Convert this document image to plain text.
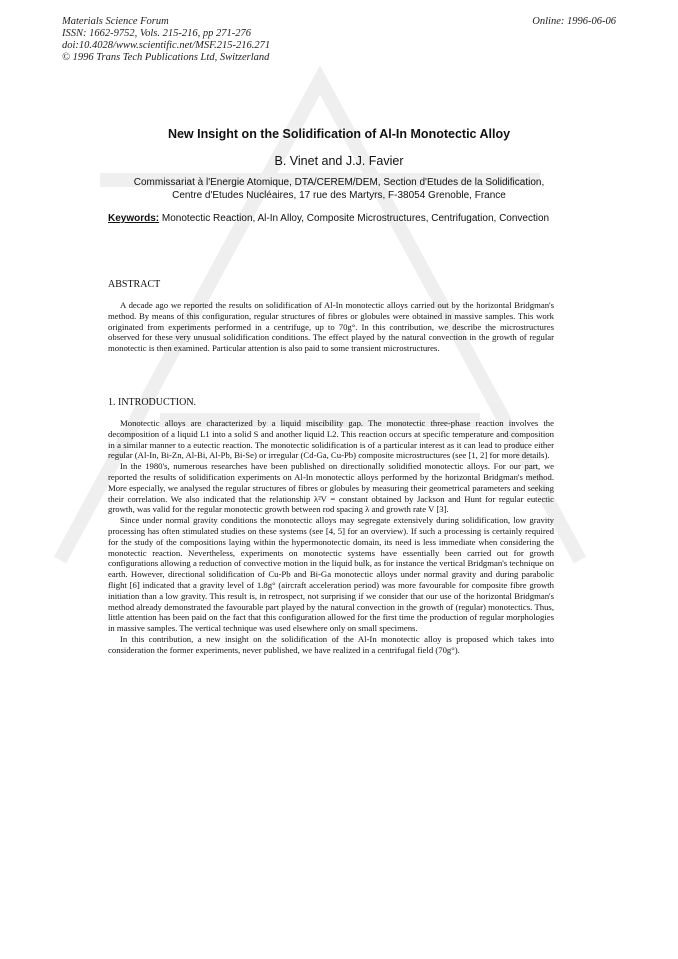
Materials Science Forum
ISSN: 1662-9752, Vols. 215-216, pp 271-276
doi:10.4028/www.scientific.net/MSF.215-216.271
© 1996 Trans Tech Publications Ltd, Switzerland
Online: 1996-06-06
New Insight on the Solidification of Al-In Monotectic Alloy
B. Vinet and J.J. Favier
Commissariat à l'Energie Atomique, DTA/CEREM/DEM, Section d'Etudes de la Solidification,
Centre d'Etudes Nucléaires, 17 rue des Martyrs, F-38054 Grenoble, France
Keywords: Monotectic Reaction, Al-In Alloy, Composite Microstructures, Centrifugation, Convection
ABSTRACT

A decade ago we reported the results on solidification of Al-In monotectic alloys carried out by the horizontal Bridgman's method. By means of this configuration, regular structures of fibres or globules were obtained in massive samples. This work originated from experiments performed in a centrifuge, up to 70g°. In this contribution, we describe the microstructures observed for these very unusual solidification conditions. The effect played by the natural convection in the growth of regular monotectic is then examined. Particular attention is also paid to some transient microstructures.

1. INTRODUCTION.

Monotectic alloys are characterized by a liquid miscibility gap. The monotectic three-phase reaction involves the decomposition of a liquid L1 into a solid S and another liquid L2. This reaction occurs at specific temperature and composition in a similar manner to a eutectic reaction. The monotectic solidification is of a particular interest as it can lead to produce either regular (Al-In, Bi-Zn, Al-Bi, Al-Pb, Bi-Se) or irregular (Cd-Ga, Cu-Pb) composite microstructures (see [1, 2] for more details).

In the 1980's, numerous researches have been published on directionally solidified monotectic alloys. For our part, we reported the results of solidification experiments on Al-In monotectic alloys performed by the horizontal Bridgman's method. More especially, we analysed the regular structures of fibres or globules by measuring their geometrical parameters and seeking their correlation. We also indicated that the relationship λ²V = constant obtained by Jackson and Hunt for regular eutectic growth, was valid for the regular monotectic growth between rod spacing λ and growth rate V [3].

Since under normal gravity conditions the monotectic alloys may segregate extensively during solidification, low gravity processing has often stimulated studies on these systems (see [4, 5] for an overview). If such a processing is certainly required for the study of the compositions laying within the hypermonotectic domain, its need is less immediate when considering the monotectic reaction. Nevertheless, experiments on monotectic systems have essentially been carried out for growth configurations allowing a reduction of convective motion in the liquid bulk, as for instance the vertical Bridgman's technique on earth. However, directional solidification of Cu-Pb and Bi-Ga monotectic alloys under normal gravity and during parabolic flight [6] indicated that a gravity level of 1.8g° (aircraft acceleration period) was more favourable for composite fibre growth initiation than a low gravity. This result is, in retrospect, not surprising if we consider that our use of the horizontal Bridgman's method already demonstrated the favourable part played by the natural convection in the growth of (regular) monotectics. Thus, little attention has been paid on the fact that this configuration allowed for the first time the production of regular morphologies in massive samples. The vertical technique was used elsewhere only on small specimens.

In this contribution, a new insight on the solidification of the Al-In monotectic alloy is proposed which takes into consideration the former experiments, never published, we have realized in a centrifugal field (70g°).
